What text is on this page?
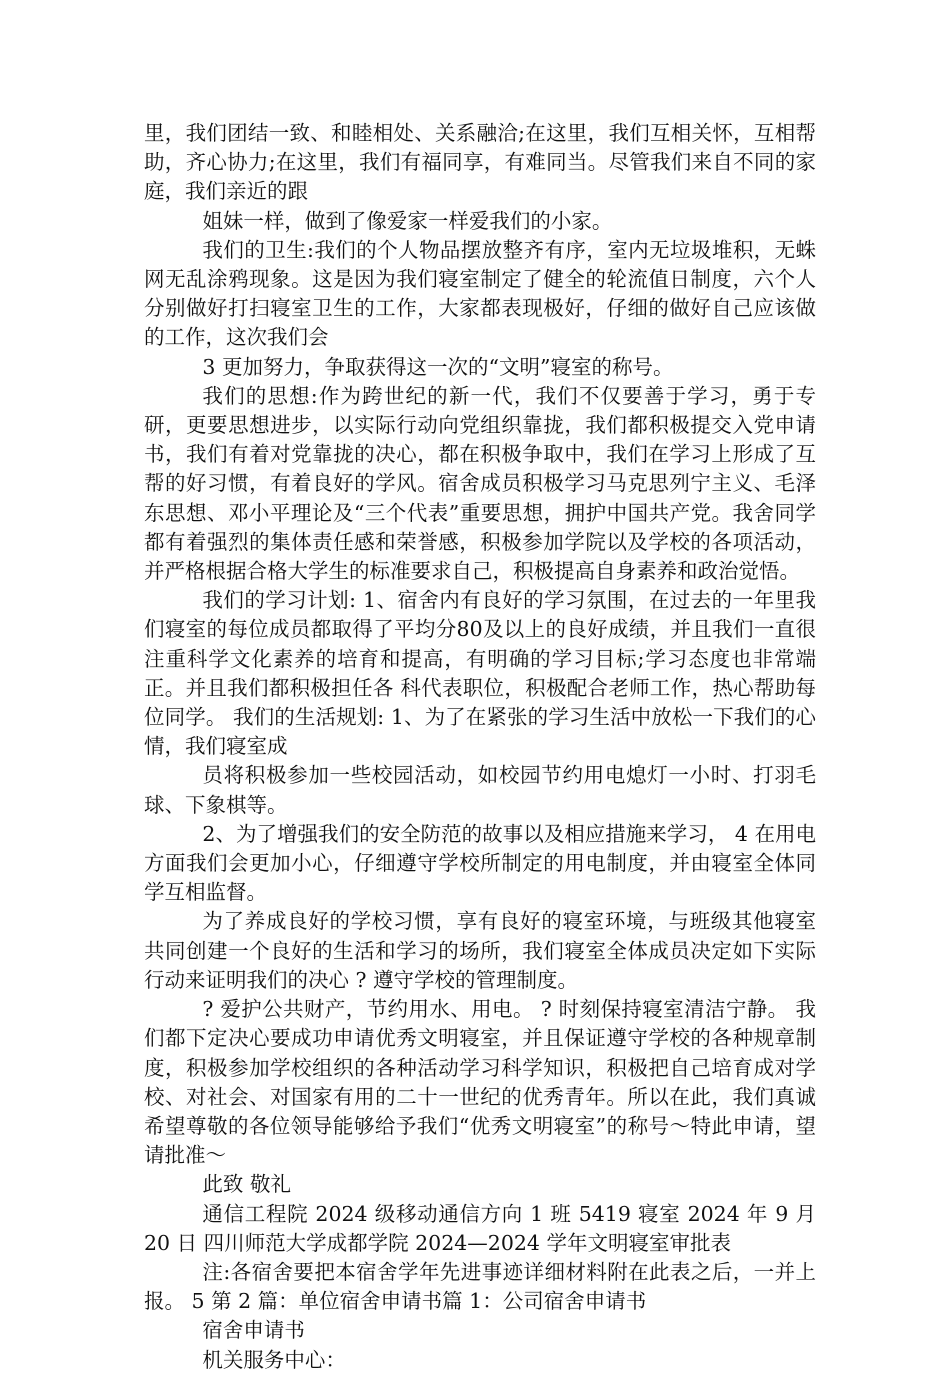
里，我们团结一致、和睦相处、关系融洽;在这里，我们互相关怀，互相帮助，齐心协力;在这里，我们有福同享，有难同当。尽管我们来自不同的家庭，我们亲近的跟

姐妹一样，做到了像爱家一样爱我们的小家。

我们的卫生:我们的个人物品摆放整齐有序，室内无垃圾堆积，无蛛网无乱涂鸦现象。这是因为我们寝室制定了健全的轮流值日制度，六个人分别做好打扫寝室卫生的工作，大家都表现极好，仔细的做好自己应该做的工作，这次我们会

3 更加努力，争取获得这一次的“文明”寝室的称号。

我们的思想:作为跨世纪的新一代，我们不仅要善于学习，勇于专研，更要思想进步，以实际行动向党组织靠拢，我们都积极提交入党申请书，我们有着对党靠拢的决心，都在积极争取中，我们在学习上形成了互帮的好习惯，有着良好的学风。宿舍成员积极学习马克思列宁主义、毛泽东思想、邓小平理论及“三个代表”重要思想，拥护中国共产党。我舍同学都有着强烈的集体责任感和荣誉感，积极参加学院以及学校的各项活动，并严格根据合格大学生的标准要求自己，积极提高自身素养和政治觉悟。

我们的学习计划: 1、宿舍内有良好的学习氛围，在过去的一年里我们寝室的每位成员都取得了平均分80及以上的良好成绩，并且我们一直很注重科学文化素养的培育和提高，有明确的学习目标;学习态度也非常端正。并且我们都积极担任各 科代表职位，积极配合老师工作，热心帮助每位同学。 我们的生活规划: 1、为了在紧张的学习生活中放松一下我们的心情，我们寝室成

员将积极参加一些校园活动，如校园节约用电熄灯一小时、打羽毛球、下象棋等。

2、为了增强我们的安全防范的故事以及相应措施来学习， 4 在用电方面我们会更加小心，仔细遵守学校所制定的用电制度，并由寝室全体同学互相监督。

为了养成良好的学校习惯，享有良好的寝室环境，与班级其他寝室共同创建一个良好的生活和学习的场所，我们寝室全体成员决定如下实际行动来证明我们的决心 ? 遵守学校的管理制度。

? 爱护公共财产，节约用水、用电。 ? 时刻保持寝室清洁宁静。 我们都下定决心要成功申请优秀文明寝室，并且保证遵守学校的各种规章制度，积极参加学校组织的各种活动学习科学知识，积极把自己培育成对学校、对社会、对国家有用的二十一世纪的优秀青年。所以在此，我们真诚希望尊敬的各位领导能够给予我们“优秀文明寝室”的称号～特此申请，望请批准～

此致 敬礼

通信工程院 2024 级移动通信方向 1 班 5419 寝室 2024 年 9 月 20 日 四川师范大学成都学院 2024—2024 学年文明寝室审批表

注:各宿舍要把本宿舍学年先进事迹详细材料附在此表之后，一并上报。 5 第 2 篇：单位宿舍申请书篇 1：公司宿舍申请书

宿舍申请书

机关服务中心：
